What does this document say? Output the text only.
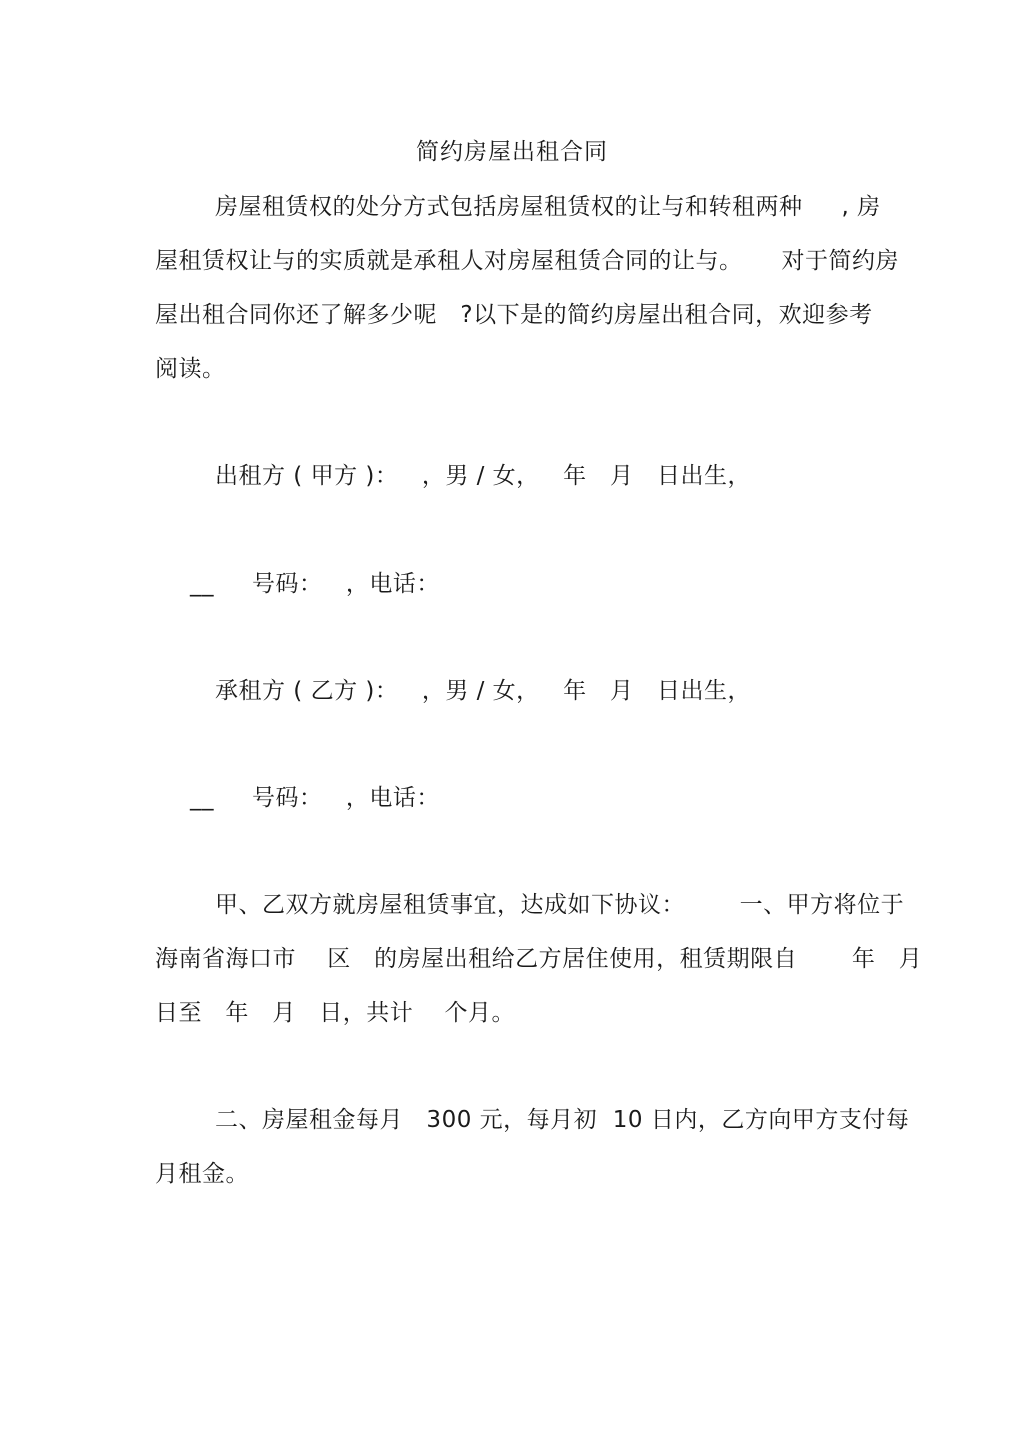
简约房屋出租合同
房屋租赁权的处分方式包括房屋租赁权的让与和转租两种     , 房
屋租赁权让与的实质就是承租人对房屋租赁合同的让与。     对于简约房
屋出租合同你还了解多少呢   ?以下是的简约房屋出租合同，欢迎参考
阅读。
出租方 ( 甲方 )：   ，男 / 女，   年   月   日出生，
__ 号码：   ，电话：
承租方 ( 乙方 )：   ，男 / 女，   年   月   日出生，
__ 号码：   ，电话：
甲、乙双方就房屋租赁事宜，达成如下协议：       一、甲方将位于
海南省海口市    区   的房屋出租给乙方居住使用，租赁期限自       年   月
日至   年   月   日，共计    个月。
二、房屋租金每月   300 元，每月初  10 日内，乙方向甲方支付每
月租金。
